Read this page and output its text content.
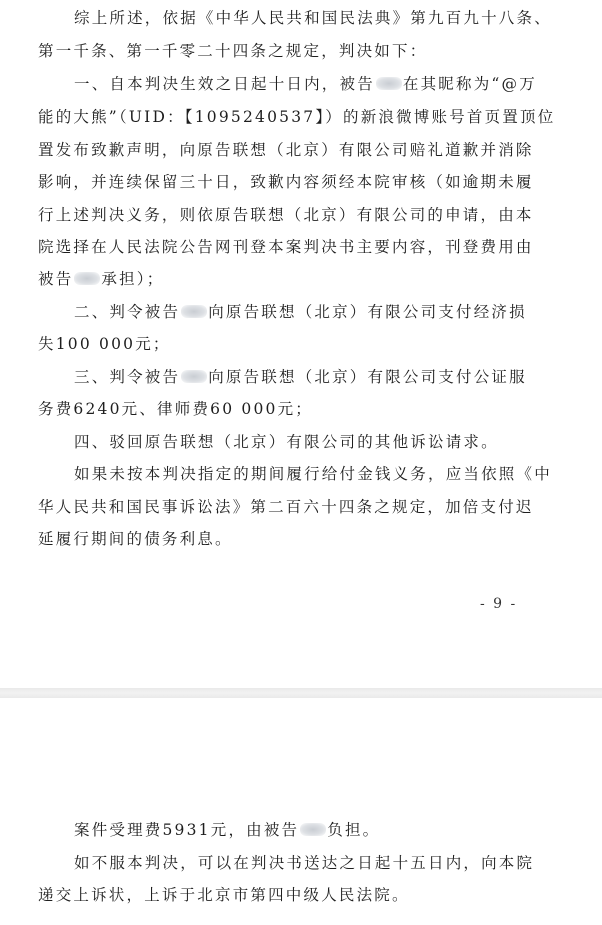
综上所述，依据《中华人民共和国民法典》第九百九十八条、
第一千条、第一千零二十四条之规定，判决如下：
一、自本判决生效之日起十日内，被告 在其昵称为“@万
能的大熊”（UID：【1095240537】）的新浪微博账号首页置顶位
置发布致歉声明，向原告联想（北京）有限公司赔礼道歉并消除
影响，并连续保留三十日，致歉内容须经本院审核（如逾期未履
行上述判决义务，则依原告联想（北京）有限公司的申请，由本
院选择在人民法院公告网刊登本案判决书主要内容，刊登费用由
被告 承担）；
二、判令被告 向原告联想（北京）有限公司支付经济损
失100 000元；
三、判令被告 向原告联想（北京）有限公司支付公证服
务费6240元、律师费60 000元；
四、驳回原告联想（北京）有限公司的其他诉讼请求。
如果未按本判决指定的期间履行给付金钱义务，应当依照《中
华人民共和国民事诉讼法》第二百六十四条之规定，加倍支付迟
延履行期间的债务利息。
- 9 -
案件受理费5931元，由被告 负担。
如不服本判决，可以在判决书送达之日起十五日内，向本院
递交上诉状，上诉于北京市第四中级人民法院。
